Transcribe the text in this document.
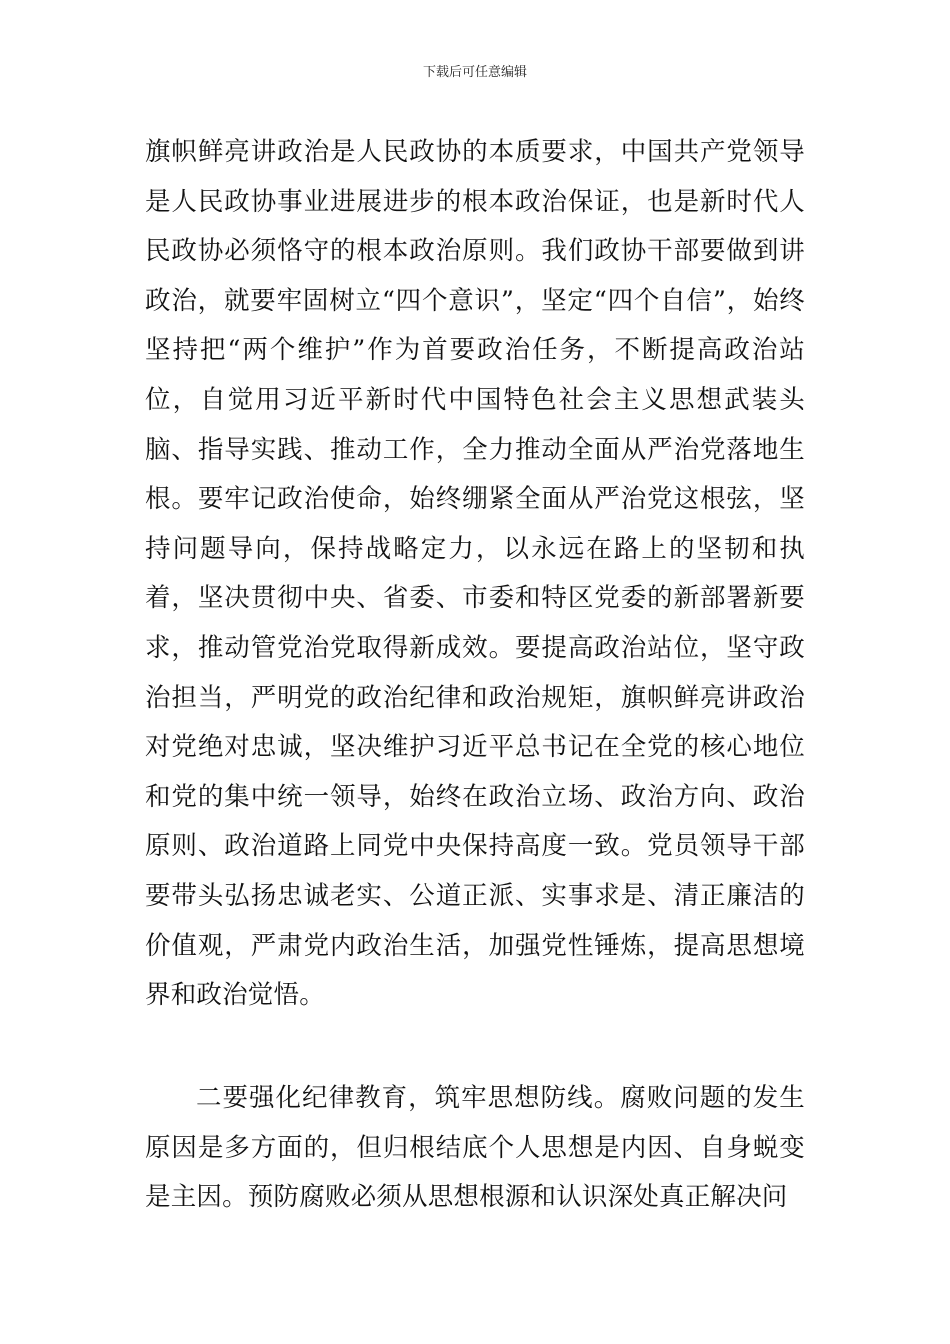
下载后可任意编辑

旗帜鲜亮讲政治是人民政协的本质要求，中国共产党领导是人民政协事业进展进步的根本政治保证，也是新时代人民政协必须恪守的根本政治原则。我们政协干部要做到讲政治，就要牢固树立“四个意识”，坚定“四个自信”，始终坚持把“两个维护”作为首要政治任务，不断提高政治站位，自觉用习近平新时代中国特色社会主义思想武装头脑、指导实践、推动工作，全力推动全面从严治党落地生根。要牢记政治使命，始终绷紧全面从严治党这根弦，坚持问题导向，保持战略定力，以永远在路上的坚韧和执着，坚决贯彻中央、省委、市委和特区党委的新部署新要求，推动管党治党取得新成效。要提高政治站位，坚守政治担当，严明党的政治纪律和政治规矩，旗帜鲜亮讲政治对党绝对忠诚，坚决维护习近平总书记在全党的核心地位和党的集中统一领导，始终在政治立场、政治方向、政治原则、政治道路上同党中央保持高度一致。党员领导干部要带头弘扬忠诚老实、公道正派、实事求是、清正廉洁的价值观，严肃党内政治生活，加强党性锤炼，提高思想境界和政治觉悟。

二要强化纪律教育，筑牢思想防线。腐败问题的发生原因是多方面的，但归根结底个人思想是内因、自身蜕变是主因。预防腐败必须从思想根源和认识深处真正解决问
